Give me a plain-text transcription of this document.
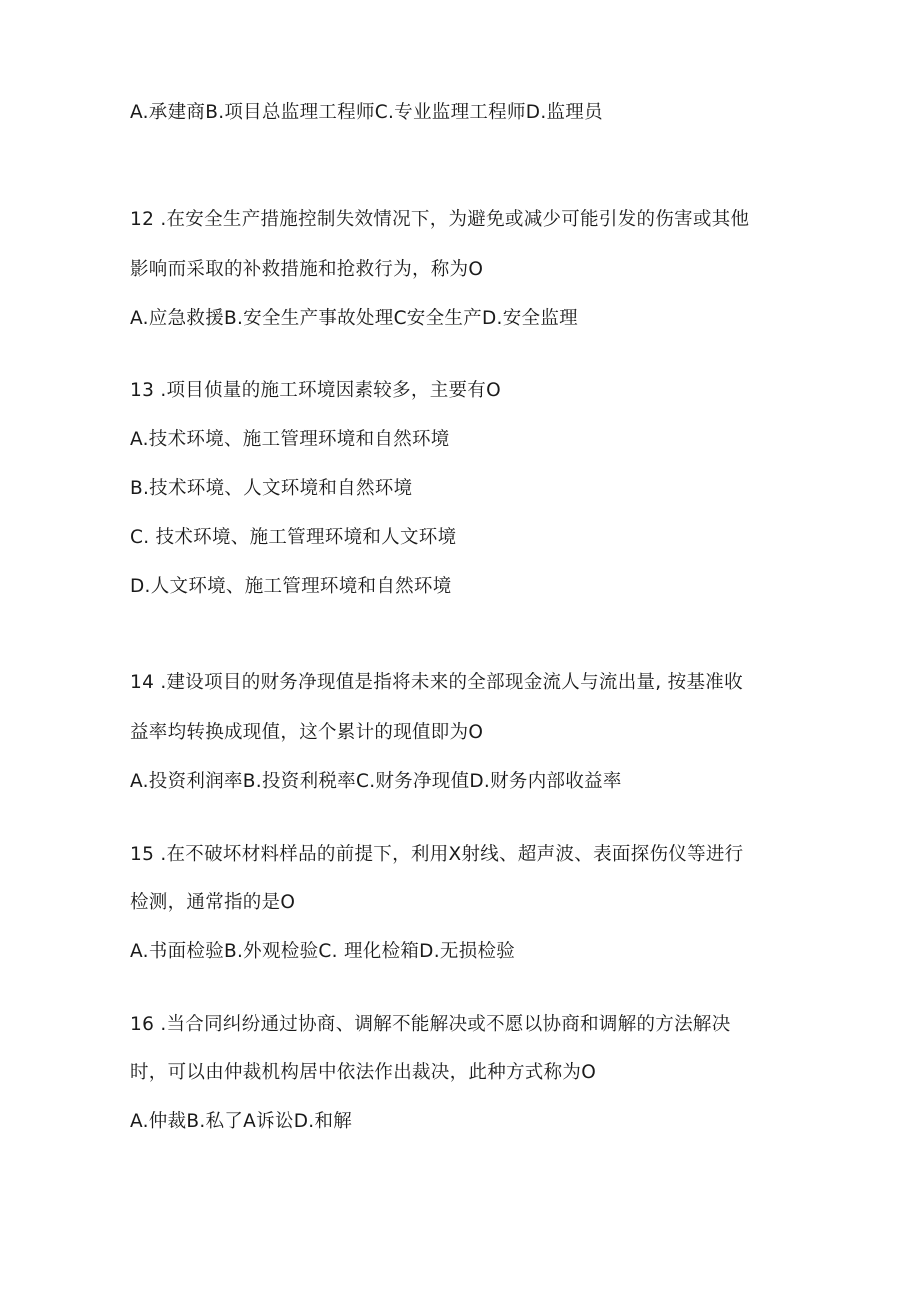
A.承建商B.项目总监理工程师C.专业监理工程师D.监理员
12 .在安全生产措施控制失效情况下，为避免或减少可能引发的伤害或其他
影响而采取的补救措施和抢救行为，称为O
A.应急救援B.安全生产事故处理C安全生产D.安全监理
13 .项目侦量的施工环境因素较多，主要有O
A.技术环境、施工管理环境和自然环境
B.技术环境、人文环境和自然环境
C. 技术环境、施工管理环境和人文环境
D.人文环境、施工管理环境和自然环境
14 .建设项目的财务净现值是指将未来的全部现金流人与流出量, 按基准收
益率均转换成现值，这个累计的现值即为O
A.投资利润率B.投资利税率C.财务净现值D.财务内部收益率
15 .在不破坏材料样品的前提下，利用X射线、超声波、表面探伤仪等进行
检测，通常指的是O
A.书面检验B.外观检验C. 理化检箱D.无损检验
16 .当合同纠纷通过协商、调解不能解决或不愿以协商和调解的方法解决
时，可以由仲裁机构居中依法作出裁决，此种方式称为O
A.仲裁B.私了A诉讼D.和解
